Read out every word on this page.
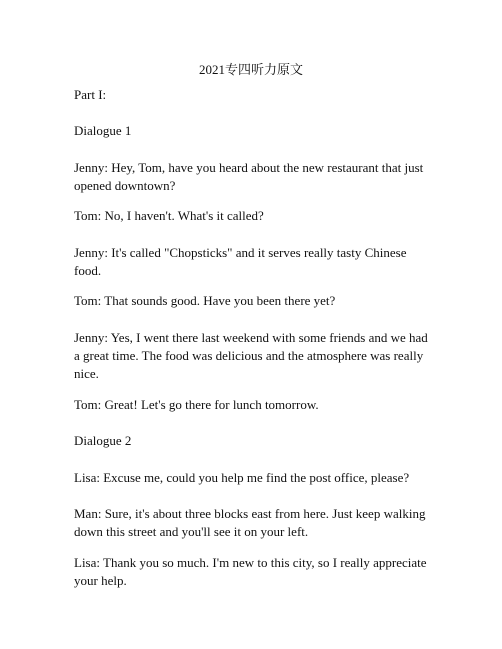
2021专四听力原文

Part I:

Dialogue 1

Jenny: Hey, Tom, have you heard about the new restaurant that just opened downtown?

Tom: No, I haven't. What's it called?

Jenny: It's called "Chopsticks" and it serves really tasty Chinese food.

Tom: That sounds good. Have you been there yet?

Jenny: Yes, I went there last weekend with some friends and we had a great time. The food was delicious and the atmosphere was really nice.

Tom: Great! Let's go there for lunch tomorrow.

Dialogue 2

Lisa: Excuse me, could you help me find the post office, please?

Man: Sure, it's about three blocks east from here. Just keep walking down this street and you'll see it on your left.

Lisa: Thank you so much. I'm new to this city, so I really appreciate your help.
